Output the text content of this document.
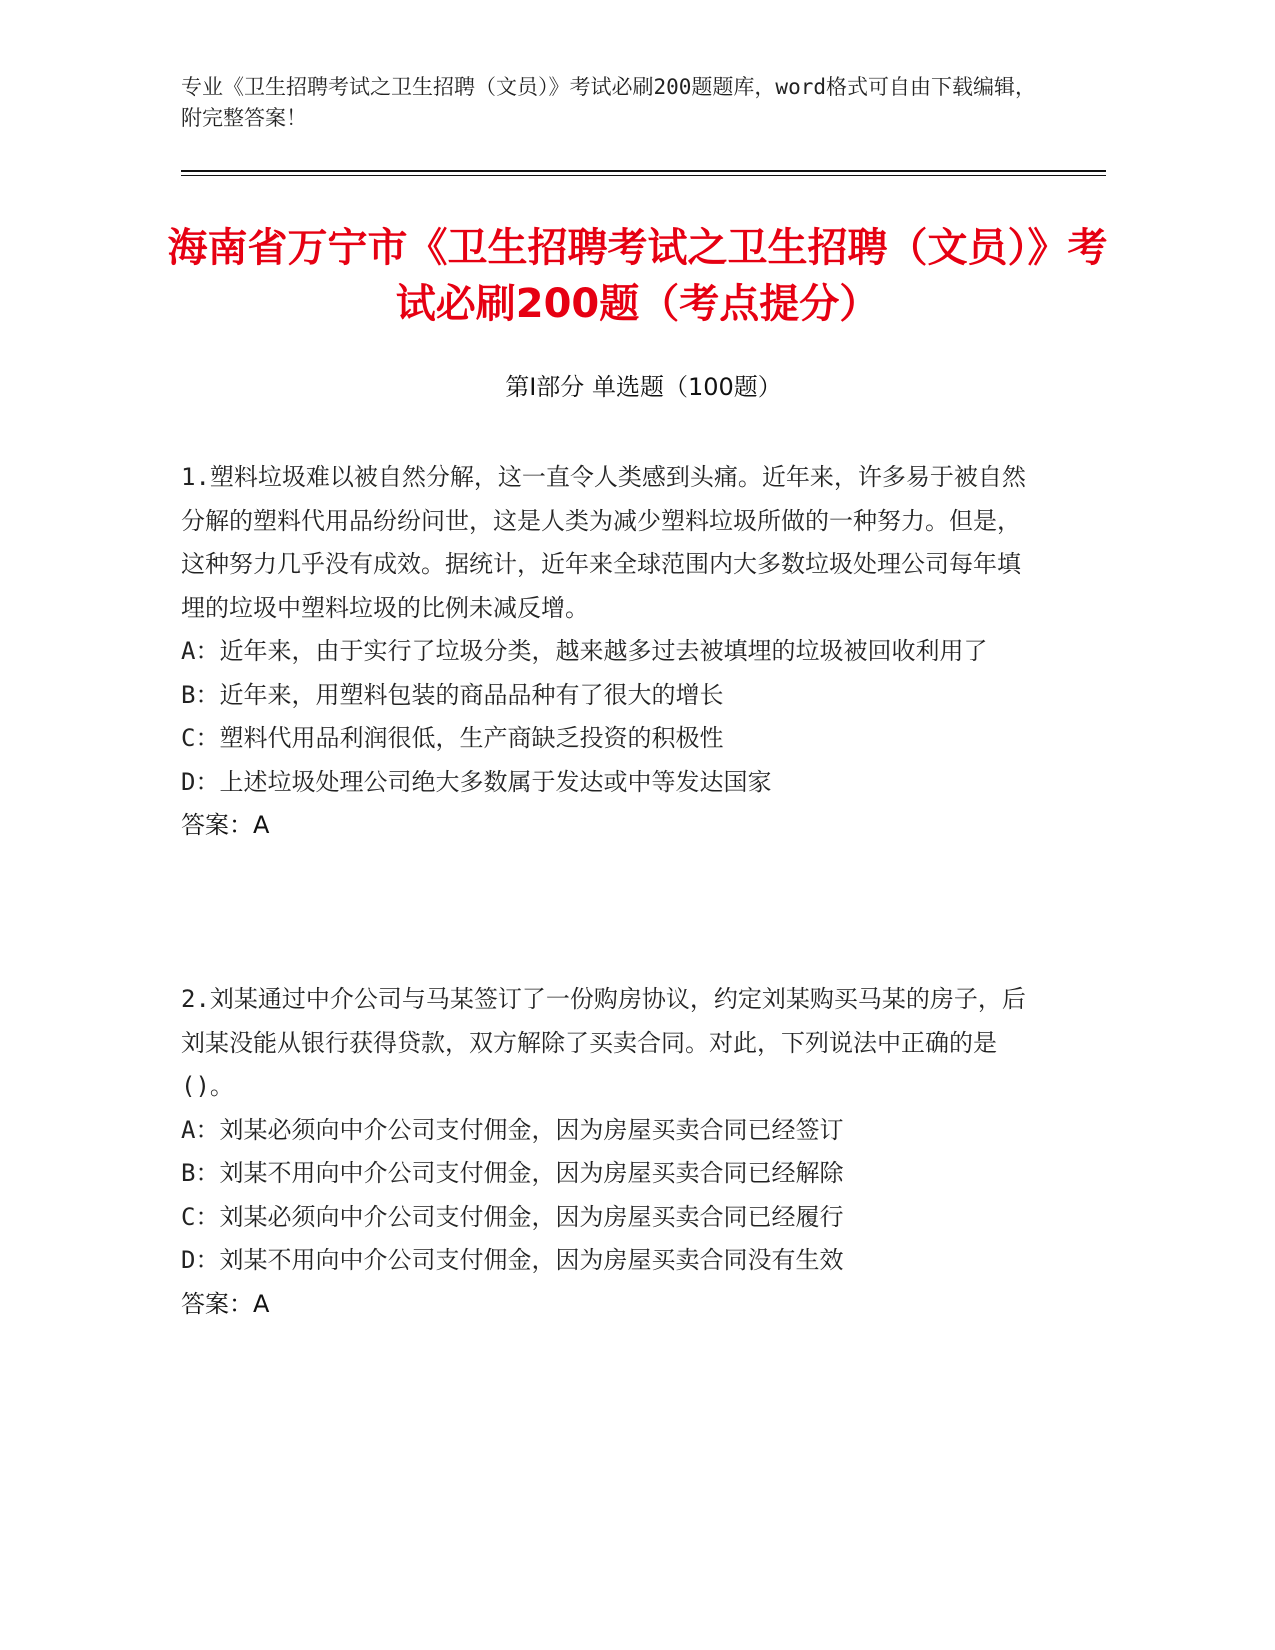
专业《卫生招聘考试之卫生招聘（文员）》考试必刷200题题库，word格式可自由下载编辑，附完整答案！
海南省万宁市《卫生招聘考试之卫生招聘（文员）》考试必刷200题（考点提分）
第Ⅰ部分 单选题（100题）

1.塑料垃圾难以被自然分解，这一直令人类感到头痛。近年来，许多易于被自然分解的塑料代用品纷纷问世，这是人类为减少塑料垃圾所做的一种努力。但是，这种努力几乎没有成效。据统计，近年来全球范围内大多数垃圾处理公司每年填埋的垃圾中塑料垃圾的比例未减反增。

A：近年来，由于实行了垃圾分类，越来越多过去被填埋的垃圾被回收利用了

B：近年来，用塑料包装的商品品种有了很大的增长

C：塑料代用品利润很低，生产商缺乏投资的积极性

D：上述垃圾处理公司绝大多数属于发达或中等发达国家

答案：A

2.刘某通过中介公司与马某签订了一份购房协议，约定刘某购买马某的房子，后刘某没能从银行获得贷款，双方解除了买卖合同。对此，下列说法中正确的是()。

A：刘某必须向中介公司支付佣金，因为房屋买卖合同已经签订

B：刘某不用向中介公司支付佣金，因为房屋买卖合同已经解除

C：刘某必须向中介公司支付佣金，因为房屋买卖合同已经履行

D：刘某不用向中介公司支付佣金，因为房屋买卖合同没有生效

答案：A
